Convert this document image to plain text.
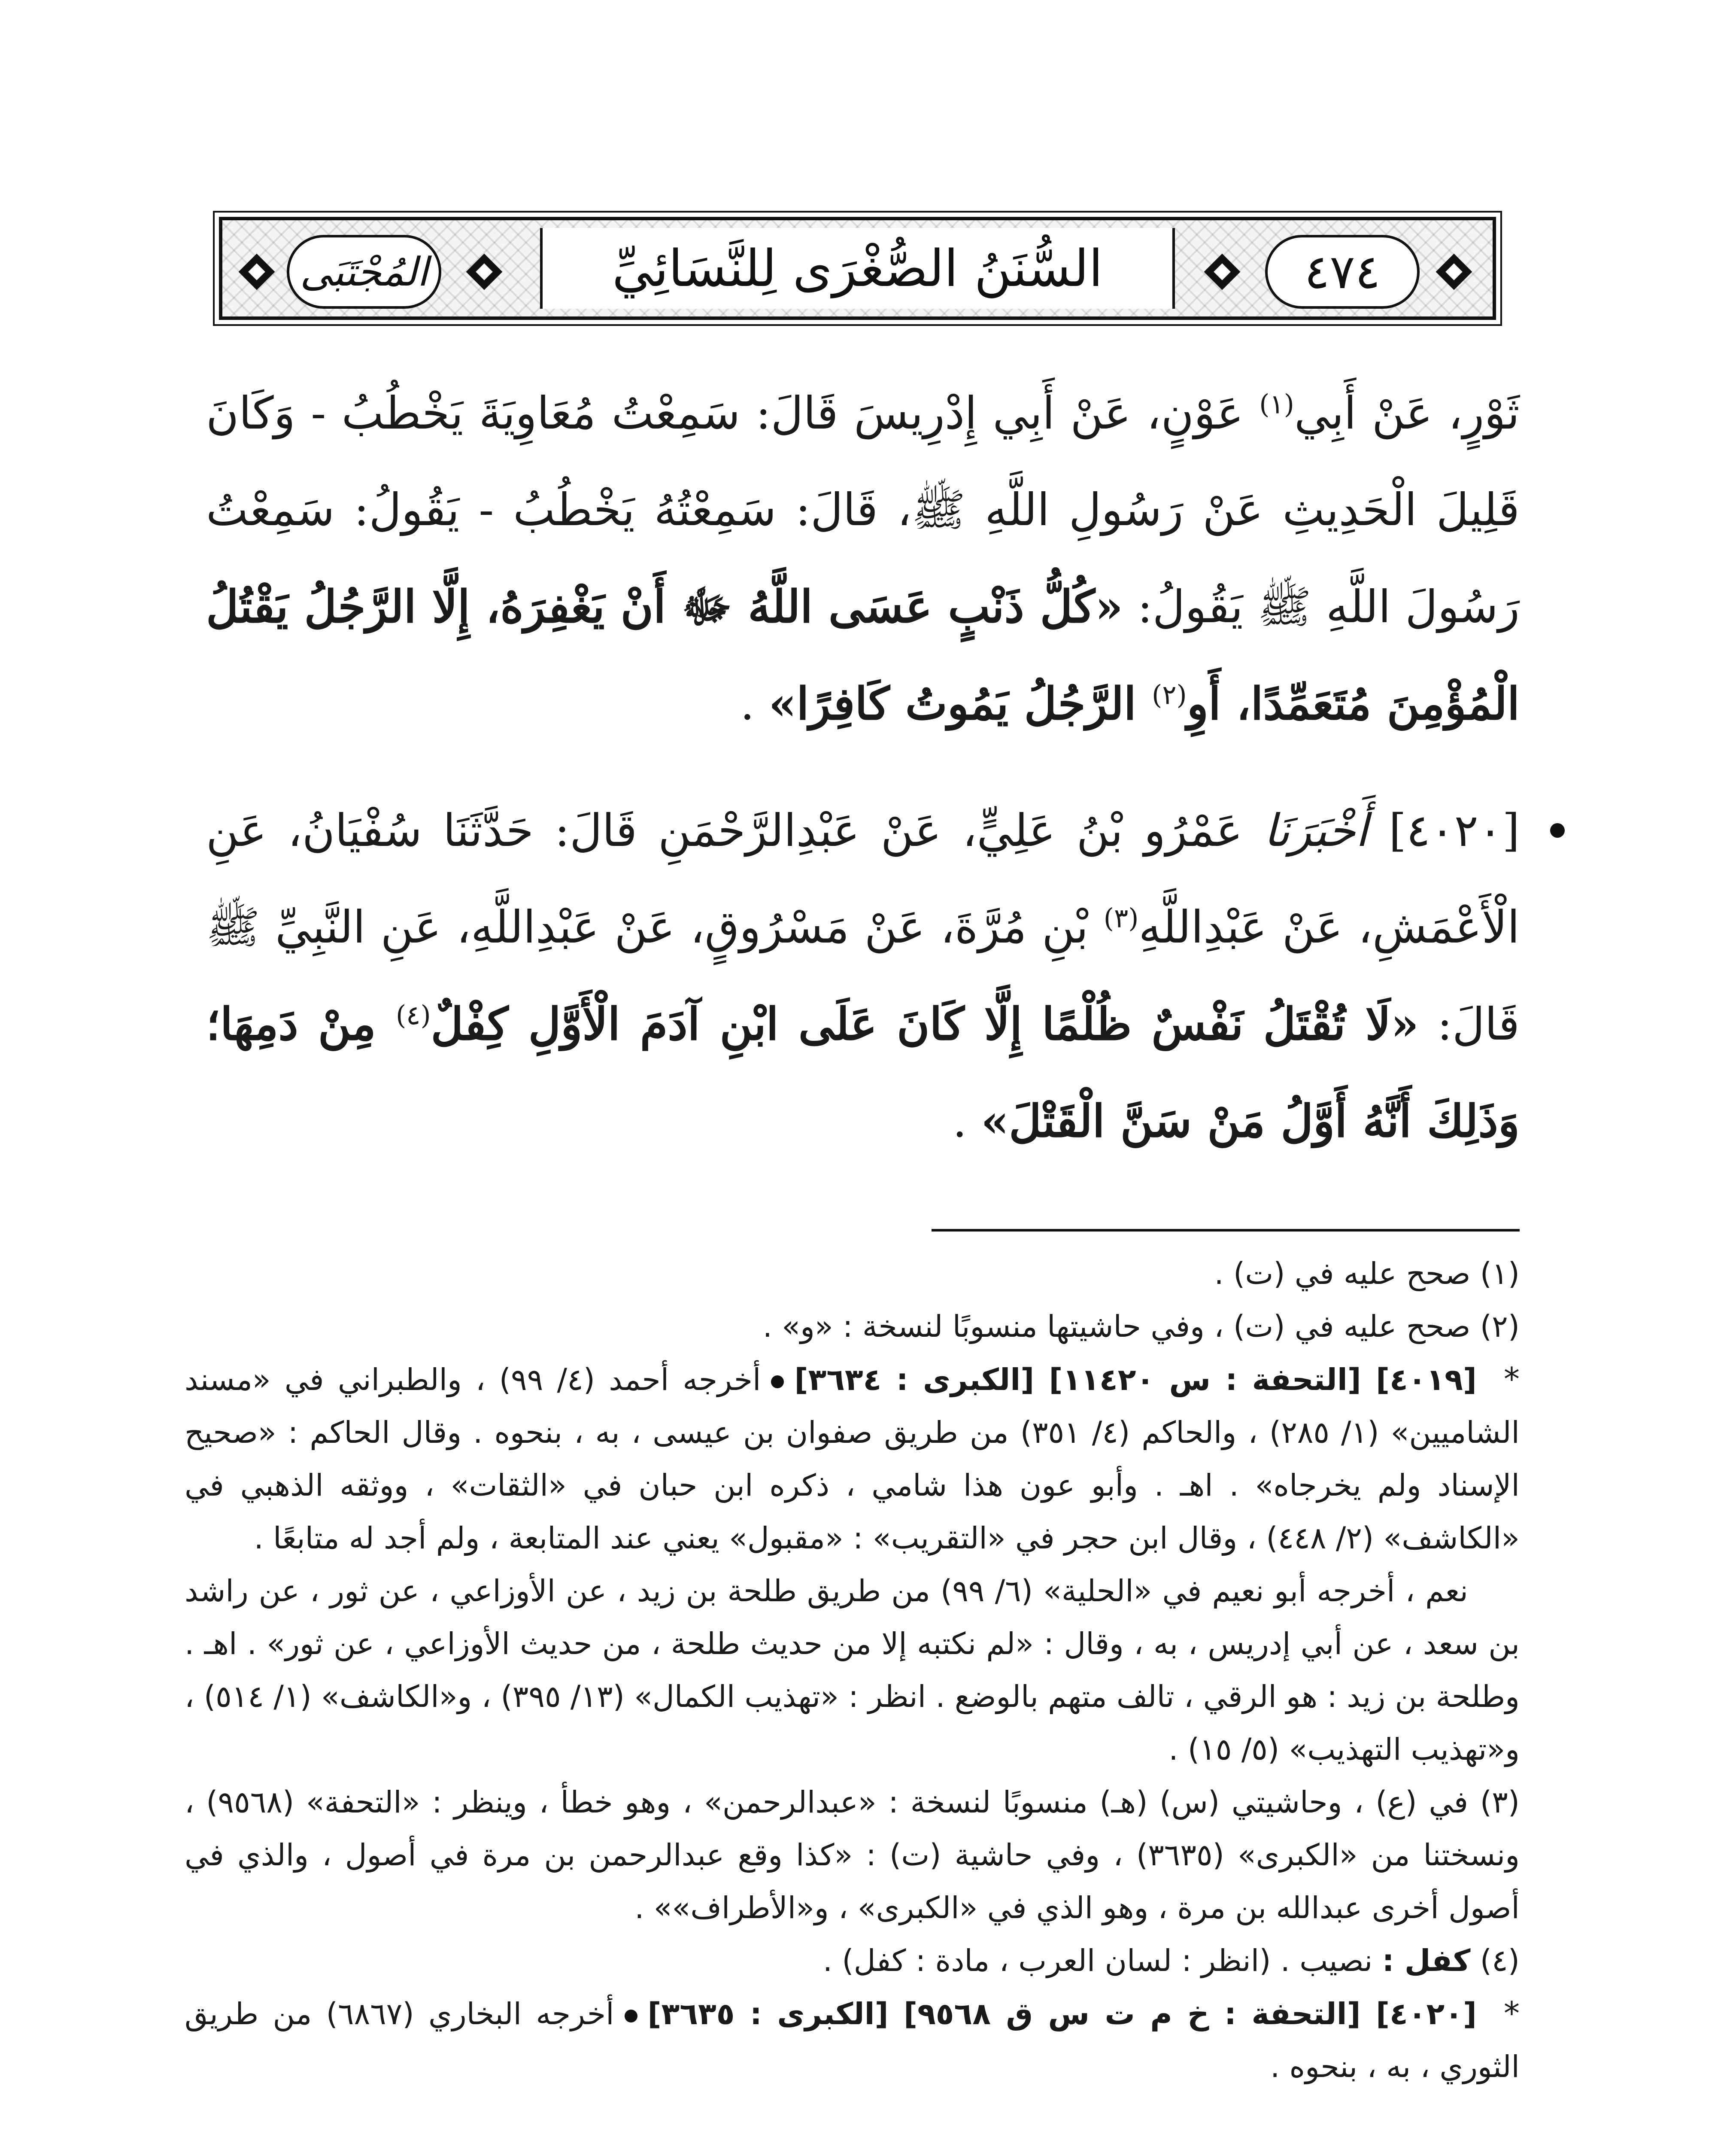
٤٧٤
السُّنَنُ الصُّغْرَى لِلنَّسَائِيِّ
المُجْتَبَى

ثَوْرٍ، عَنْ أَبِي$^{(١)}$ عَوْنٍ، عَنْ أَبِي إِدْرِيسَ قَالَ: سَمِعْتُ مُعَاوِيَةَ يَخْطُبُ - وَكَانَ قَلِيلَ الْحَدِيثِ عَنْ رَسُولِ اللَّهِ ﷺ، قَالَ: سَمِعْتُهُ يَخْطُبُ - يَقُولُ: سَمِعْتُ رَسُولَ اللَّهِ ﷺ يَقُولُ: «كُلُّ ذَنْبٍ عَسَى اللَّهُ ﷻ أَنْ يَغْفِرَهُ، إِلَّا الرَّجُلُ يَقْتُلُ الْمُؤْمِنَ مُتَعَمِّدًا، أَوِ$^{(٢)}$ الرَّجُلُ يَمُوتُ كَافِرًا» .

[٤٠٢٠] أَخْبَرَنَا عَمْرُو بْنُ عَلِيٍّ، عَنْ عَبْدِالرَّحْمَنِ قَالَ: حَدَّثَنَا سُفْيَانُ، عَنِ الْأَعْمَشِ، عَنْ عَبْدِاللَّهِ$^{(٣)}$ بْنِ مُرَّةَ، عَنْ مَسْرُوقٍ، عَنْ عَبْدِاللَّهِ، عَنِ النَّبِيِّ ﷺ قَالَ: «لَا تُقْتَلُ نَفْسٌ ظُلْمًا إِلَّا كَانَ عَلَى ابْنِ آدَمَ الْأَوَّلِ كِفْلٌ$^{(٤)}$ مِنْ دَمِهَا؛ وَذَلِكَ أَنَّهُ أَوَّلُ مَنْ سَنَّ الْقَتْلَ» .

(١) صحح عليه في (ت) .

(٢) صحح عليه في (ت) ، وفي حاشيتها منسوبًا لنسخة : «و» .

*[٤٠١٩] [التحفة : س ١١٤٢٠] [الكبرى : ٣٦٣٤]أخرجه أحمد (٤/ ٩٩) ، والطبراني في «مسند الشاميين» (١/ ٢٨٥) ، والحاكم (٤/ ٣٥١) من طريق صفوان بن عيسى ، به ، بنحوه . وقال الحاكم : «صحيح الإسناد ولم يخرجاه» . اهـ . وأبو عون هذا شامي ، ذكره ابن حبان في «الثقات» ، ووثقه الذهبي في «الكاشف» (٢/ ٤٤٨) ، وقال ابن حجر في «التقريب» : «مقبول» يعني عند المتابعة ، ولم أجد له متابعًا .

نعم ، أخرجه أبو نعيم في «الحلية» (٦/ ٩٩) من طريق طلحة بن زيد ، عن الأوزاعي ، عن ثور ، عن راشد بن سعد ، عن أبي إدريس ، به ، وقال : «لم نكتبه إلا من حديث طلحة ، من حديث الأوزاعي ، عن ثور» . اهـ . وطلحة بن زيد : هو الرقي ، تالف متهم بالوضع . انظر : «تهذيب الكمال» (١٣/ ٣٩٥) ، و«الكاشف» (١/ ٥١٤) ، و«تهذيب التهذيب» (٥/ ١٥) .

(٣) في (ع) ، وحاشيتي (س) (هـ) منسوبًا لنسخة : «عبدالرحمن» ، وهو خطأ ، وينظر : «التحفة» (٩٥٦٨) ، ونسختنا من «الكبرى» (٣٦٣٥) ، وفي حاشية (ت) : «كذا وقع عبدالرحمن بن مرة في أصول ، والذي في أصول أخرى عبدالله بن مرة ، وهو الذي في «الكبرى» ، و«الأطراف»» .

(٤) كفل : نصيب . (انظر : لسان العرب ، مادة : كفل) .

*[٤٠٢٠] [التحفة : خ م ت س ق ٩٥٦٨] [الكبرى : ٣٦٣٥]أخرجه البخاري (٦٨٦٧) من طريق الثوري ، به ، بنحوه .
